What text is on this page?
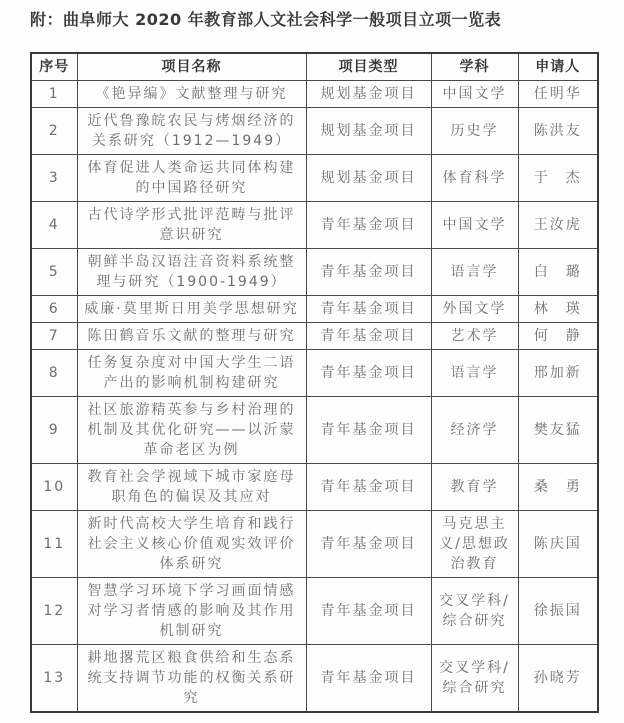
附：曲阜师大 2020 年教育部人文社会科学一般项目立项一览表
序号	项目名称	项目类型	学科	申请人
1	《艳异编》文献整理与研究	规划基金项目	中国文学	任明华
2	近代鲁豫皖农民与烤烟经济的关系研究（1912—1949）	规划基金项目	历史学	陈洪友
3	体育促进人类命运共同体构建的中国路径研究	规划基金项目	体育科学	于　杰
4	古代诗学形式批评范畴与批评意识研究	青年基金项目	中国文学	王汝虎
5	朝鲜半岛汉语注音资料系统整理与研究（1900-1949）	青年基金项目	语言学	白　璐
6	威廉·莫里斯日用美学思想研究	青年基金项目	外国文学	林　瑛
7	陈田鹤音乐文献的整理与研究	青年基金项目	艺术学	何　静
8	任务复杂度对中国大学生二语产出的影响机制构建研究	青年基金项目	语言学	邢加新
9	社区旅游精英参与乡村治理的机制及其优化研究——以沂蒙革命老区为例	青年基金项目	经济学	樊友猛
10	教育社会学视域下城市家庭母职角色的偏误及其应对	青年基金项目	教育学	桑　勇
11	新时代高校大学生培育和践行社会主义核心价值观实效评价体系研究	青年基金项目	马克思主义/思想政治教育	陈庆国
12	智慧学习环境下学习画面情感对学习者情感的影响及其作用机制研究	青年基金项目	交叉学科/综合研究	徐振国
13	耕地撂荒区粮食供给和生态系统支持调节功能的权衡关系研究	青年基金项目	交叉学科/综合研究	孙晓芳
